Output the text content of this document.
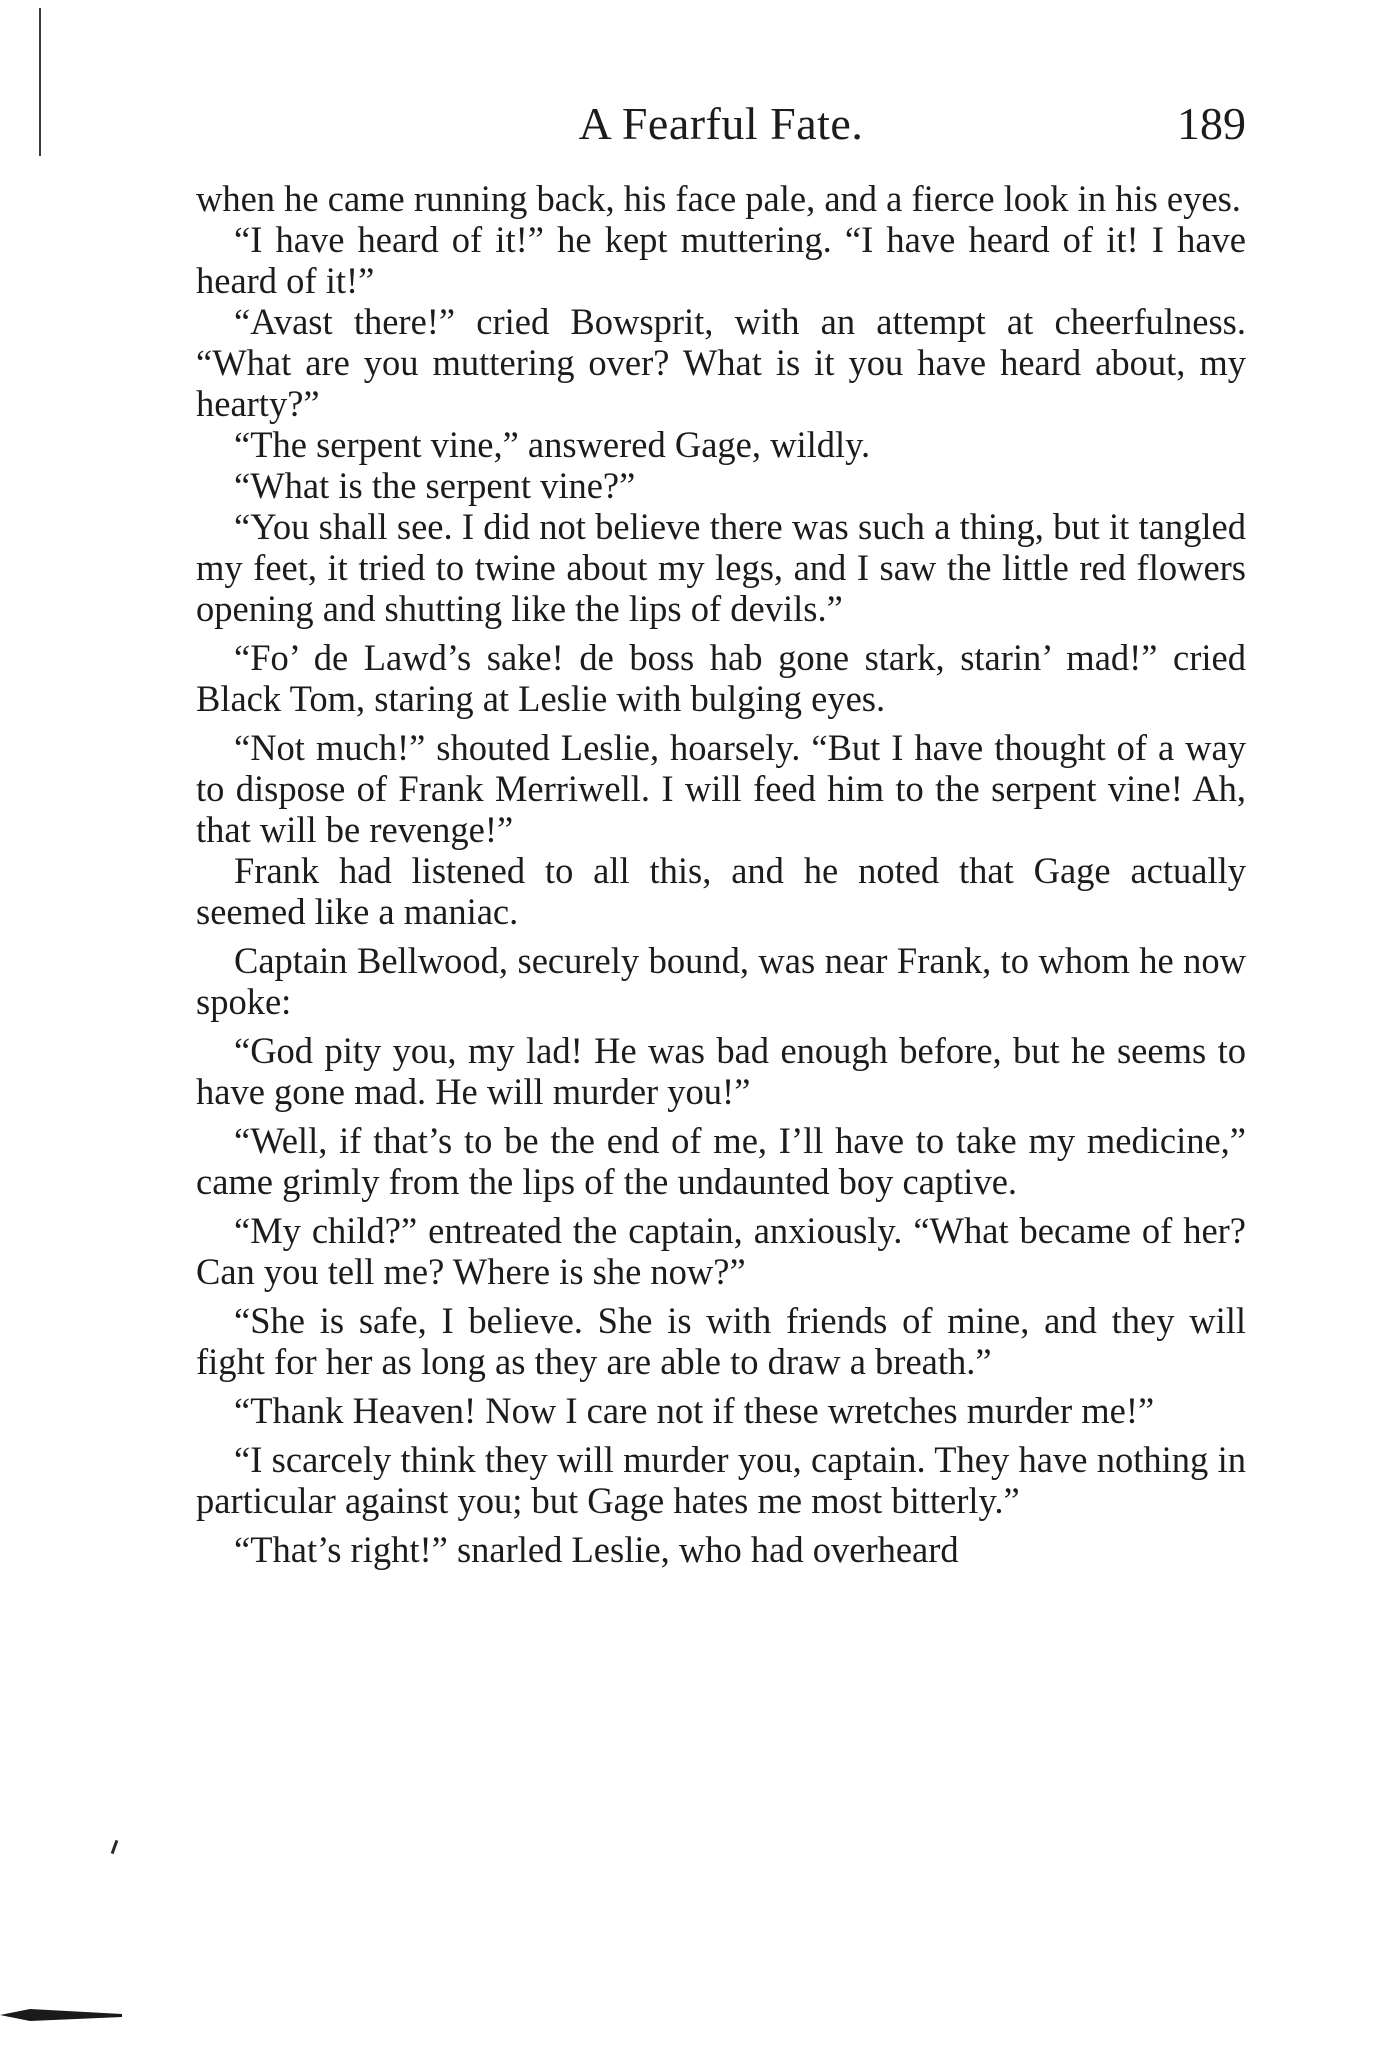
A Fearful Fate.	189

when he came running back, his face pale, and a fierce look in his eyes.

“I have heard of it!” he kept muttering. “I have heard of it! I have heard of it!”

“Avast there!” cried Bowsprit, with an attempt at cheerfulness. “What are you muttering over? What is it you have heard about, my hearty?”

“The serpent vine,” answered Gage, wildly.

“What is the serpent vine?”

“You shall see. I did not believe there was such a thing, but it tangled my feet, it tried to twine about my legs, and I saw the little red flowers opening and shutting like the lips of devils.”

“Fo’ de Lawd’s sake! de boss hab gone stark, starin’ mad!” cried Black Tom, staring at Leslie with bulging eyes.

“Not much!” shouted Leslie, hoarsely. “But I have thought of a way to dispose of Frank Merriwell. I will feed him to the serpent vine! Ah, that will be revenge!”

Frank had listened to all this, and he noted that Gage actually seemed like a maniac.

Captain Bellwood, securely bound, was near Frank, to whom he now spoke:

“God pity you, my lad! He was bad enough before, but he seems to have gone mad. He will murder you!”

“Well, if that’s to be the end of me, I’ll have to take my medicine,” came grimly from the lips of the undaunted boy captive.

“My child?” entreated the captain, anxiously. “What became of her? Can you tell me? Where is she now?”

“She is safe, I believe. She is with friends of mine, and they will fight for her as long as they are able to draw a breath.”

“Thank Heaven! Now I care not if these wretches murder me!”

“I scarcely think they will murder you, captain. They have nothing in particular against you; but Gage hates me most bitterly.”

“That’s right!” snarled Leslie, who had overheard
